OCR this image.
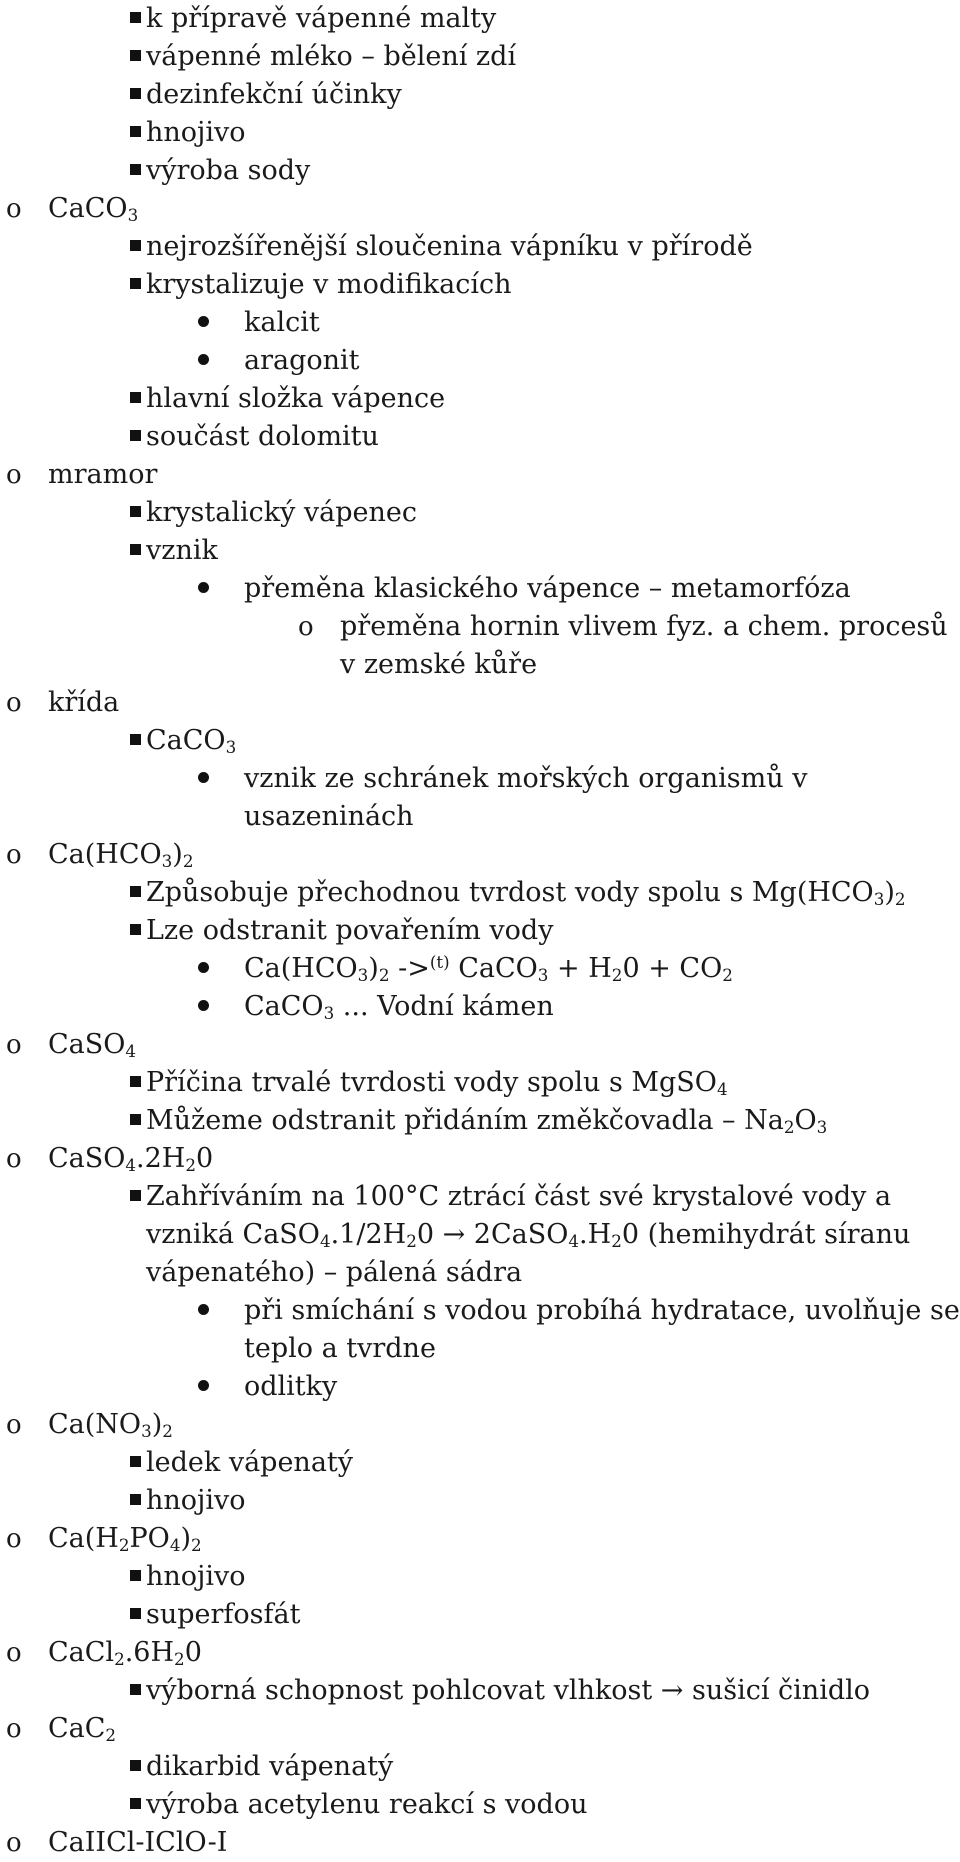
k přípravě vápenné malty
vápenné mléko – bělení zdí
dezinfekční účinky
hnojivo
výroba sody
o CaCO$_3$
nejrozšířenější sloučenina vápníku v přírodě
krystalizuje v modifikacích
kalcit
aragonit
hlavní složka vápence
součást dolomitu
o mramor
krystalický vápenec
vznik
přeměna klasického vápence – metamorfóza
o přeměna hornin vlivem fyz. a chem. procesů
v zemské kůře
o křída
CaCO$_3$
vznik ze schránek mořských organismů v
usazeninách
o $Ca(HCO_3)_2$
Způsobuje přechodnou tvrdost vody spolu s $Mg(HCO_3)_2$
Lze odstranit povařením vody
$Ca(HCO_3)_2$ ->$^{(t)}$ CaCO$_3$ + $H_20 + CO_2$
CaCO$_3$ ... Vodní kámen
o CaSO$_4$
Příčina trvalé tvrdosti vody spolu s MgSO$_4$
Můžeme odstranit přidáním změkčovadla – $Na_2O_3$
o $CaSO_4.2H_20$
Zahříváním na 100°C ztrácí část své krystalové vody a
vzniká $CaSO_4.1/2H_20$ → $2CaSO_4.H_20$ (hemihydrát síranu
vápenatého) – pálená sádra
při smíchání s vodou probíhá hydratace, uvolňuje se
teplo a tvrdne
odlitky
o $Ca(NO_3)_2$
ledek vápenatý
hnojivo
o $Ca(H_2PO_4)_2$
hnojivo
superfosfát
o $CaCl_2.6H_20$
výborná schopnost pohlcovat vlhkost → sušicí činidlo
o CaC$_2$
dikarbid vápenatý
výroba acetylenu reakcí s vodou
o CaIICl-IClO-I
